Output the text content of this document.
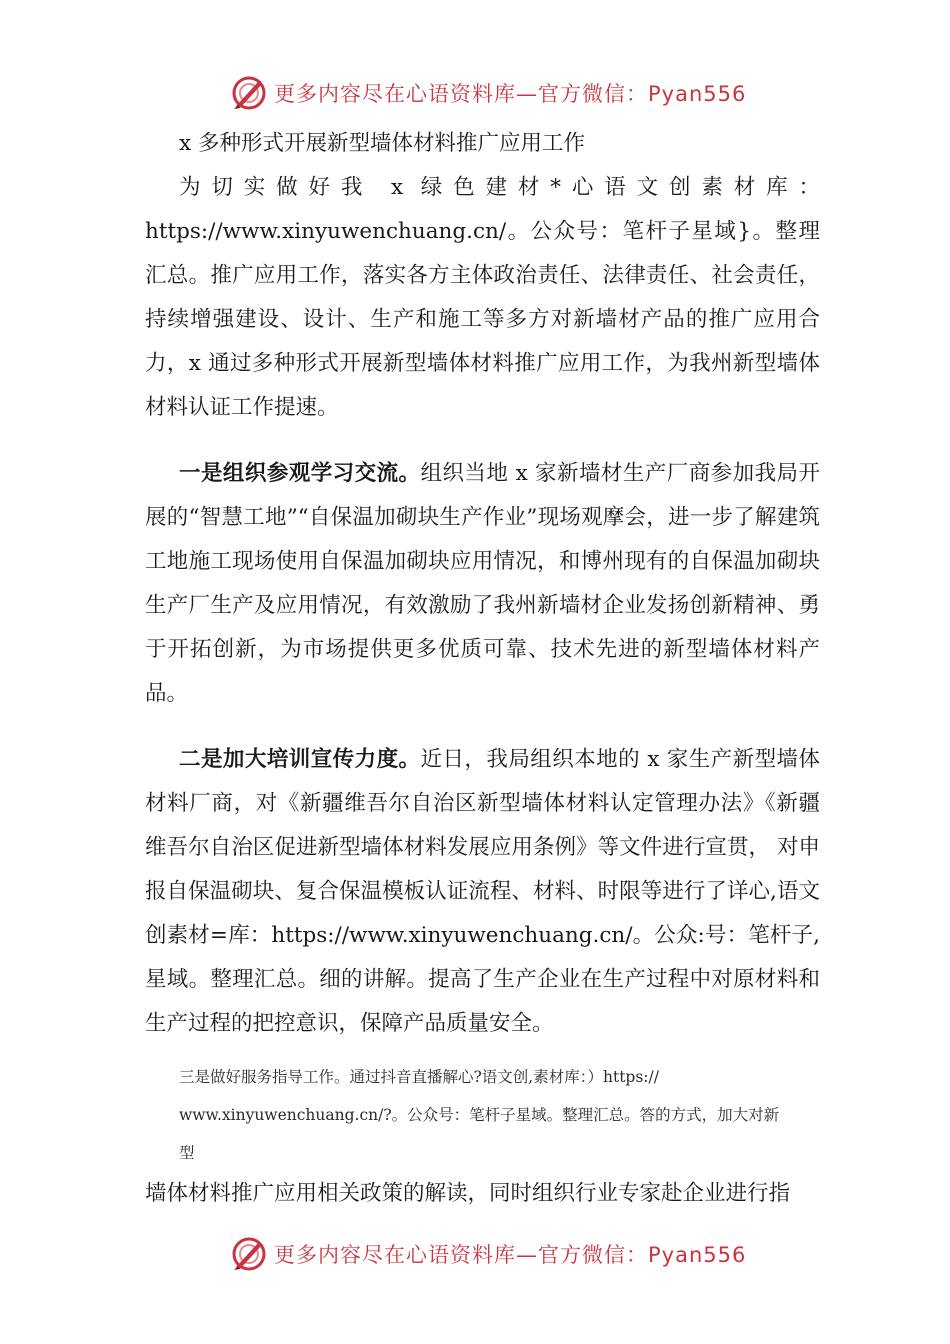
更多内容尽在心语资料库—官方微信：Pyan556

x 多种形式开展新型墙体材料推广应用工作

为切实做好我 x 绿色建材*心语文创素材库：https://www.xinyuwenchuang.cn/。公众号：笔杆子星域}。整理汇总。推广应用工作，落实各方主体政治责任、法律责任、社会责任，持续增强建设、设计、生产和施工等多方对新墙材产品的推广应用合力，x 通过多种形式开展新型墙体材料推广应用工作，为我州新型墙体材料认证工作提速。

一是组织参观学习交流。组织当地 x 家新墙材生产厂商参加我局开展的“智慧工地”“自保温加砌块生产作业”现场观摩会，进一步了解建筑工地施工现场使用自保温加砌块应用情况，和博州现有的自保温加砌块生产厂生产及应用情况，有效激励了我州新墙材企业发扬创新精神、勇于开拓创新，为市场提供更多优质可靠、技术先进的新型墙体材料产品。

二是加大培训宣传力度。近日，我局组织本地的 x 家生产新型墙体材料厂商，对《新疆维吾尔自治区新型墙体材料认定管理办法》《新疆维吾尔自治区促进新型墙体材料发展应用条例》等文件进行宣贯， 对申报自保温砌块、复合保温模板认证流程、材料、时限等进行了详心,语文创素材=库：https://www.xinyuwenchuang.cn/。公众:号：笔杆子,星域。整理汇总。细的讲解。提高了生产企业在生产过程中对原材料和生产过程的把控意识，保障产品质量安全。

三是做好服务指导工作。通过抖音直播解心?语文创,素材库：）https://

www.xinyuwenchuang.cn/?。公众号：笔杆子星域。整理汇总。答的方式，加大对新

型

墙体材料推广应用相关政策的解读，同时组织行业专家赴企业进行指

更多内容尽在心语资料库—官方微信：Pyan556
